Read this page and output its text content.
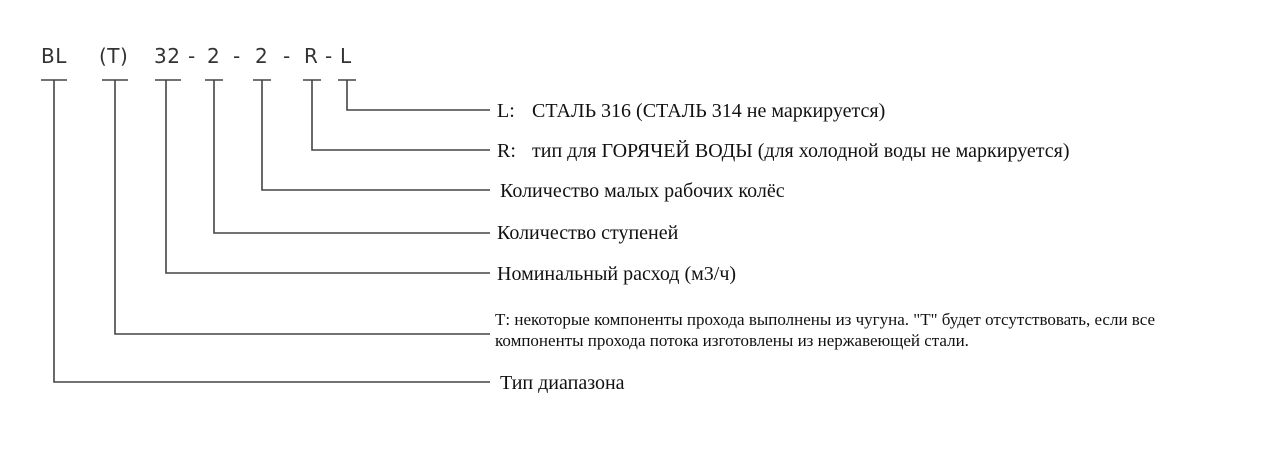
BL (T) 32 - 2 - 2 - R - L
L: СТАЛЬ 316 (СТАЛЬ 314 не маркируется)
R: тип для ГОРЯЧЕЙ ВОДЫ (для холодной воды не маркируется)
Количество малых рабочих колёс
Количество ступеней
Номинальный расход (м3/ч)
Т: некоторые компоненты прохода выполнены из чугуна. "Т" будет отсутствовать, если все
компоненты прохода потока изготовлены из нержавеющей стали.
Тип диапазона
